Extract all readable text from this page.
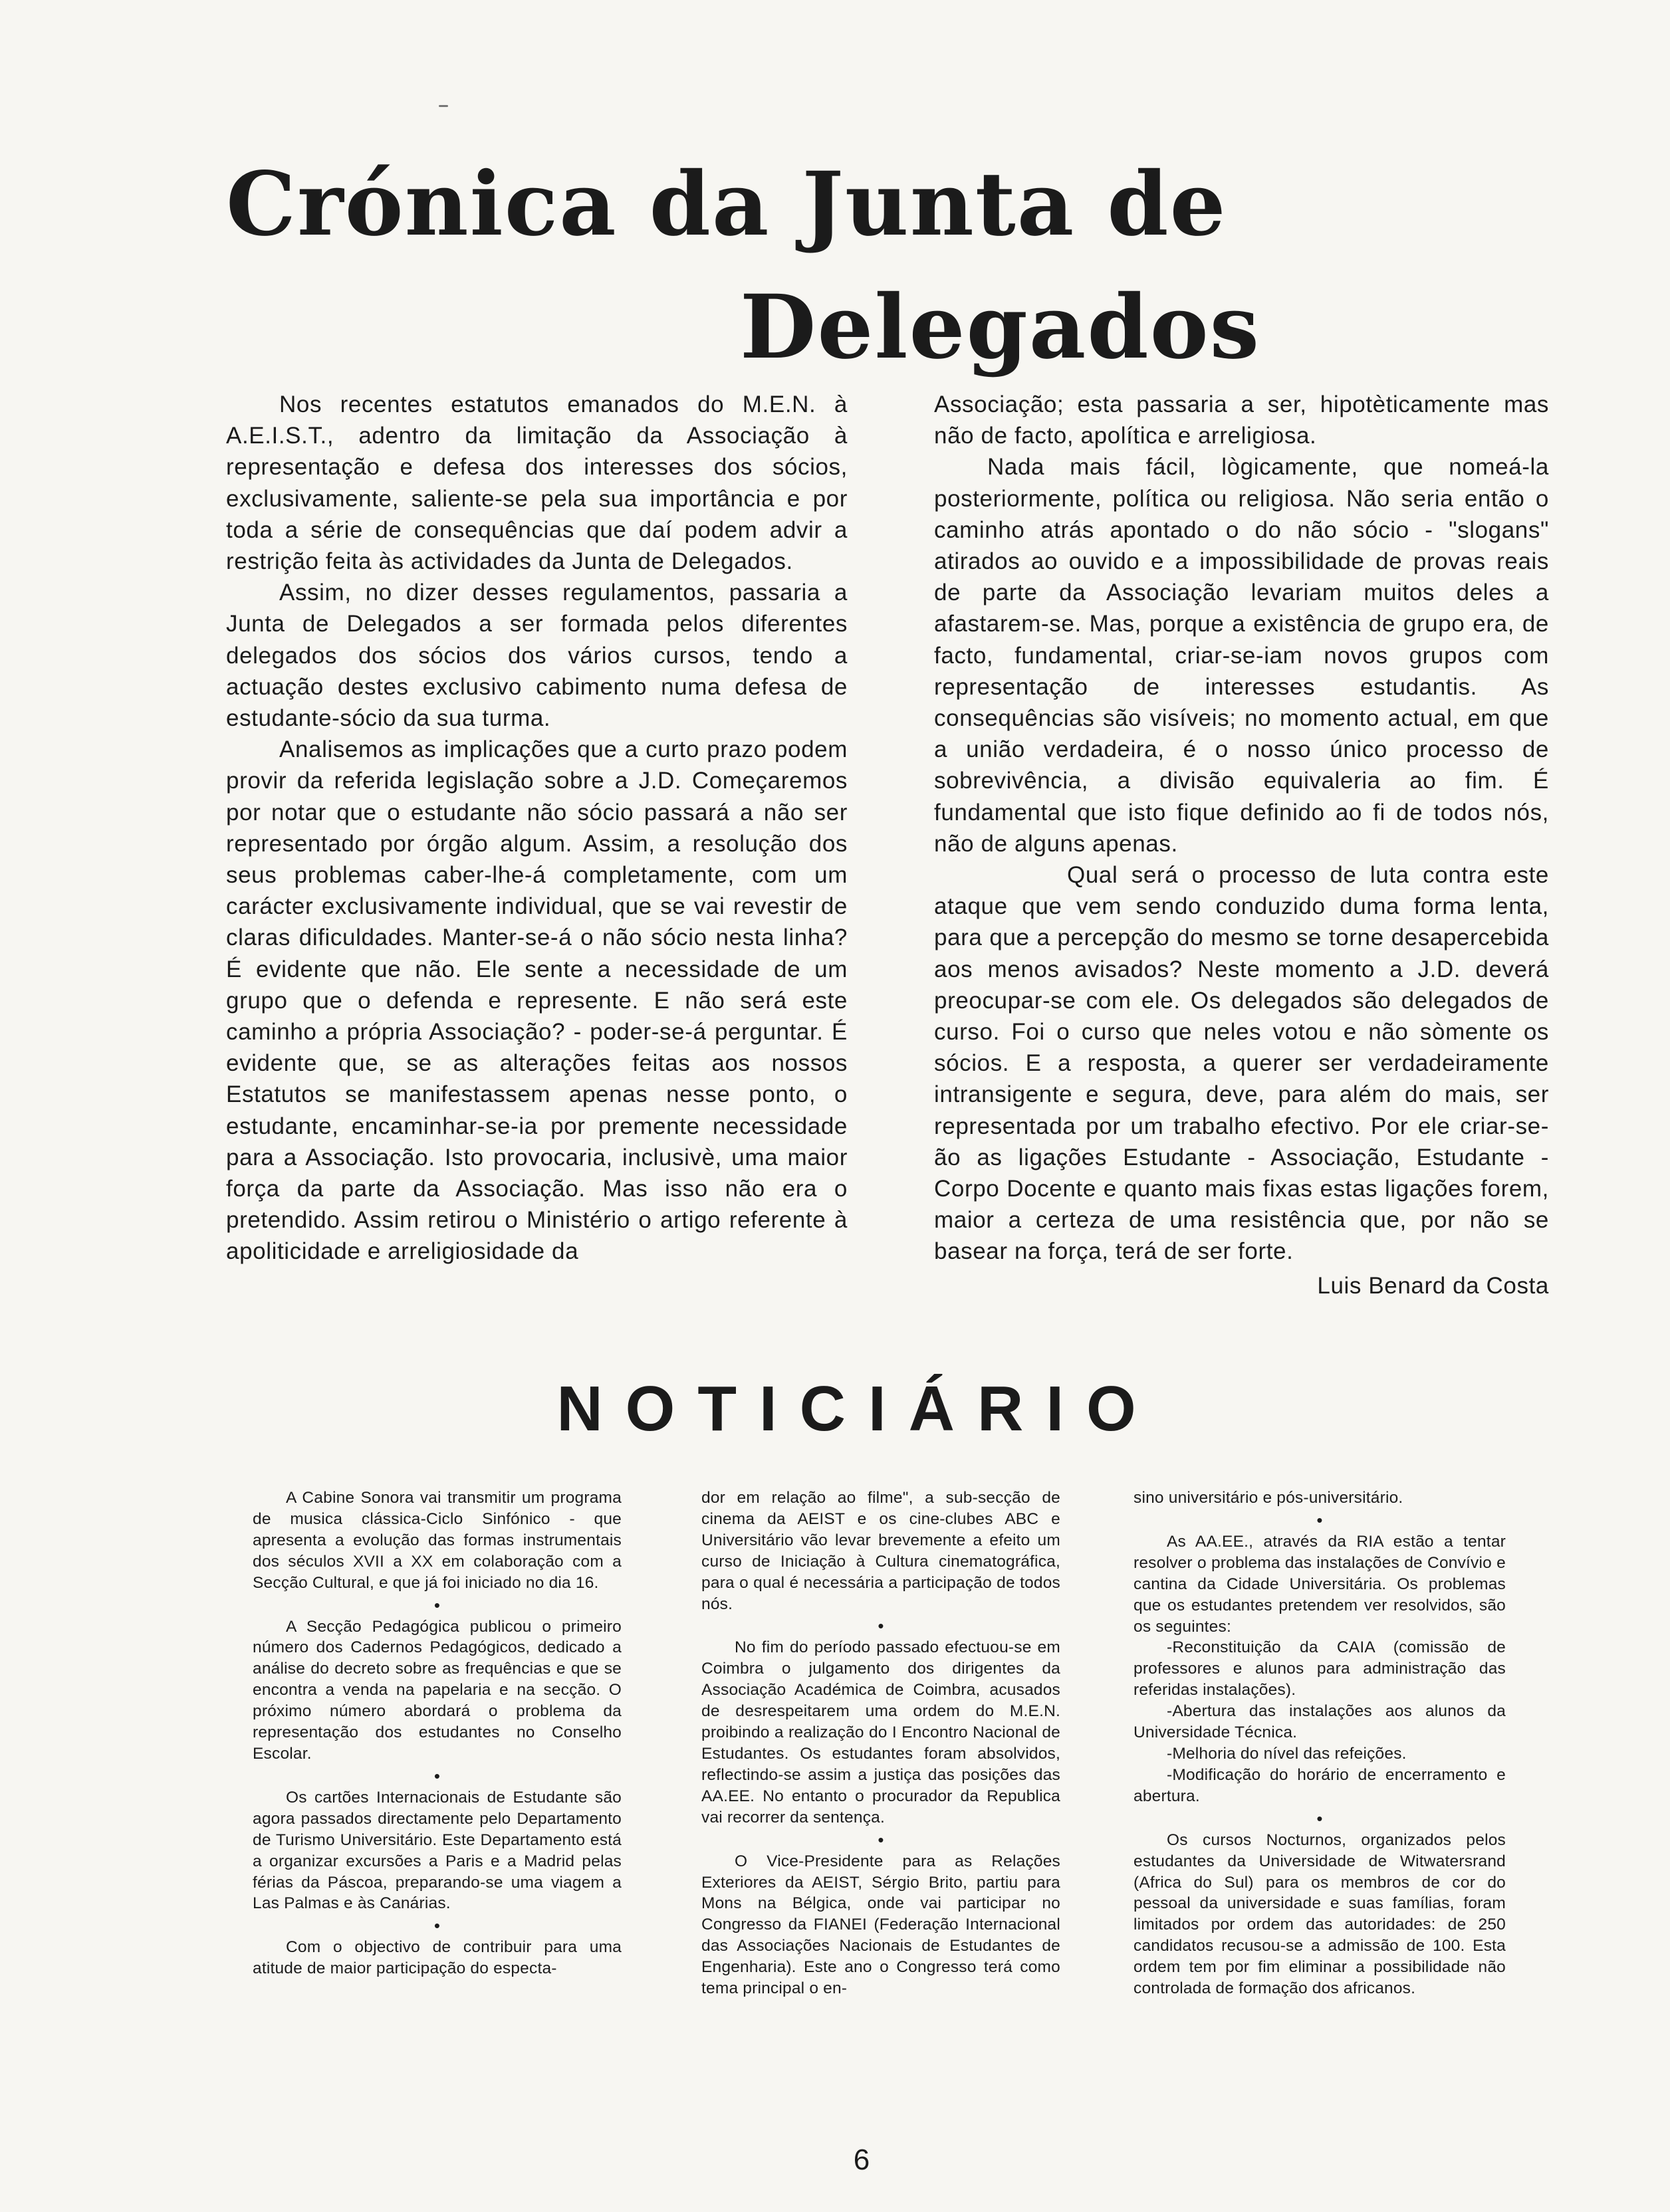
Crónica da Junta de
Delegados

Nos recentes estatutos emanados do M.E.N. à A.E.I.S.T., adentro da limitação da Associação à representação e defesa dos interesses dos sócios, exclusivamente, saliente-se pela sua importância e por toda a série de consequências que daí podem advir a restrição feita às actividades da Junta de Delegados.

Assim, no dizer desses regulamentos, passaria a Junta de Delegados a ser formada pelos diferentes delegados dos sócios dos vários cursos, tendo a actuação destes exclusivo cabimento numa defesa de estudante-sócio da sua turma.

Analisemos as implicações que a curto prazo podem provir da referida legislação sobre a J.D. Começaremos por notar que o estudante não sócio passará a não ser representado por órgão algum. Assim, a resolução dos seus problemas caber-lhe-á completamente, com um carácter exclusivamente individual, que se vai revestir de claras dificuldades. Manter-se-á o não sócio nesta linha? É evidente que não. Ele sente a necessidade de um grupo que o defenda e represente. E não será este caminho a própria Associação? - poder-se-á perguntar. É evidente que, se as alterações feitas aos nossos Estatutos se manifestassem apenas nesse ponto, o estudante, encaminhar-se-ia por premente necessidade para a Associação. Isto provocaria, inclusivè, uma maior força da parte da Associação. Mas isso não era o pretendido. Assim retirou o Ministério o artigo referente à apoliticidade e arreligiosidade da

Associação; esta passaria a ser, hipotèticamente mas não de facto, apolítica e arreligiosa.

Nada mais fácil, lògicamente, que nomeá-la posteriormente, política ou religiosa. Não seria então o caminho atrás apontado o do não sócio - "slogans" atirados ao ouvido e a impossibilidade de provas reais de parte da Associação levariam muitos deles a afastarem-se. Mas, porque a existência de grupo era, de facto, fundamental, criar-se-iam novos grupos com representação de interesses estudantis. As consequências são visíveis; no momento actual, em que a união verdadeira, é o nosso único processo de sobrevivência, a divisão equivaleria ao fim. É fundamental que isto fique definido ao fi de todos nós, não de alguns apenas.

Qual será o processo de luta contra este ataque que vem sendo conduzido duma forma lenta, para que a percepção do mesmo se torne desapercebida aos menos avisados? Neste momento a J.D. deverá preocupar-se com ele. Os delegados são delegados de curso. Foi o curso que neles votou e não sòmente os sócios. E a resposta, a querer ser verdadeiramente intransigente e segura, deve, para além do mais, ser representada por um trabalho efectivo. Por ele criar-se-ão as ligações Estudante - Associação, Estudante - Corpo Docente e quanto mais fixas estas ligações forem, maior a certeza de uma resistência que, por não se basear na força, terá de ser forte.

Luis Benard da Costa

NOTICIÁRIO

A Cabine Sonora vai transmitir um programa de musica clássica-Ciclo Sinfónico - que apresenta a evolução das formas instrumentais dos séculos XVII a XX em colaboração com a Secção Cultural, e que já foi iniciado no dia 16.

•

A Secção Pedagógica publicou o primeiro número dos Cadernos Pedagógicos, dedicado a análise do decreto sobre as frequências e que se encontra a venda na papelaria e na secção. O próximo número abordará o problema da representação dos estudantes no Conselho Escolar.

•

Os cartões Internacionais de Estudante são agora passados directamente pelo Departamento de Turismo Universitário. Este Departamento está a organizar excursões a Paris e a Madrid pelas férias da Páscoa, preparando-se uma viagem a Las Palmas e às Canárias.

•

Com o objectivo de contribuir para uma atitude de maior participação do especta-

dor em relação ao filme", a sub-secção de cinema da AEIST e os cine-clubes ABC e Universitário vão levar brevemente a efeito um curso de Iniciação à Cultura cinematográfica, para o qual é necessária a participação de todos nós.

•

No fim do período passado efectuou-se em Coimbra o julgamento dos dirigentes da Associação Académica de Coimbra, acusados de desrespeitarem uma ordem do M.E.N. proibindo a realização do I Encontro Nacional de Estudantes. Os estudantes foram absolvidos, reflectindo-se assim a justiça das posições das AA.EE. No entanto o procurador da Republica vai recorrer da sentença.

•

O Vice-Presidente para as Relações Exteriores da AEIST, Sérgio Brito, partiu para Mons na Bélgica, onde vai participar no Congresso da FIANEI (Federação Internacional das Associações Nacionais de Estudantes de Engenharia). Este ano o Congresso terá como tema principal o en-

sino universitário e pós-universitário.

•

As AA.EE., através da RIA estão a tentar resolver o problema das instalações de Convívio e cantina da Cidade Universitária. Os problemas que os estudantes pretendem ver resolvidos, são os seguintes:

-Reconstituição da CAIA (comissão de professores e alunos para administração das referidas instalações).

-Abertura das instalações aos alunos da Universidade Técnica.

-Melhoria do nível das refeições.

-Modificação do horário de encerramento e abertura.

•

Os cursos Nocturnos, organizados pelos estudantes da Universidade de Witwatersrand (Africa do Sul) para os membros de cor do pessoal da universidade e suas famílias, foram limitados por ordem das autoridades: de 250 candidatos recusou-se a admissão de 100. Esta ordem tem por fim eliminar a possibilidade não controlada de formação dos africanos.

6
